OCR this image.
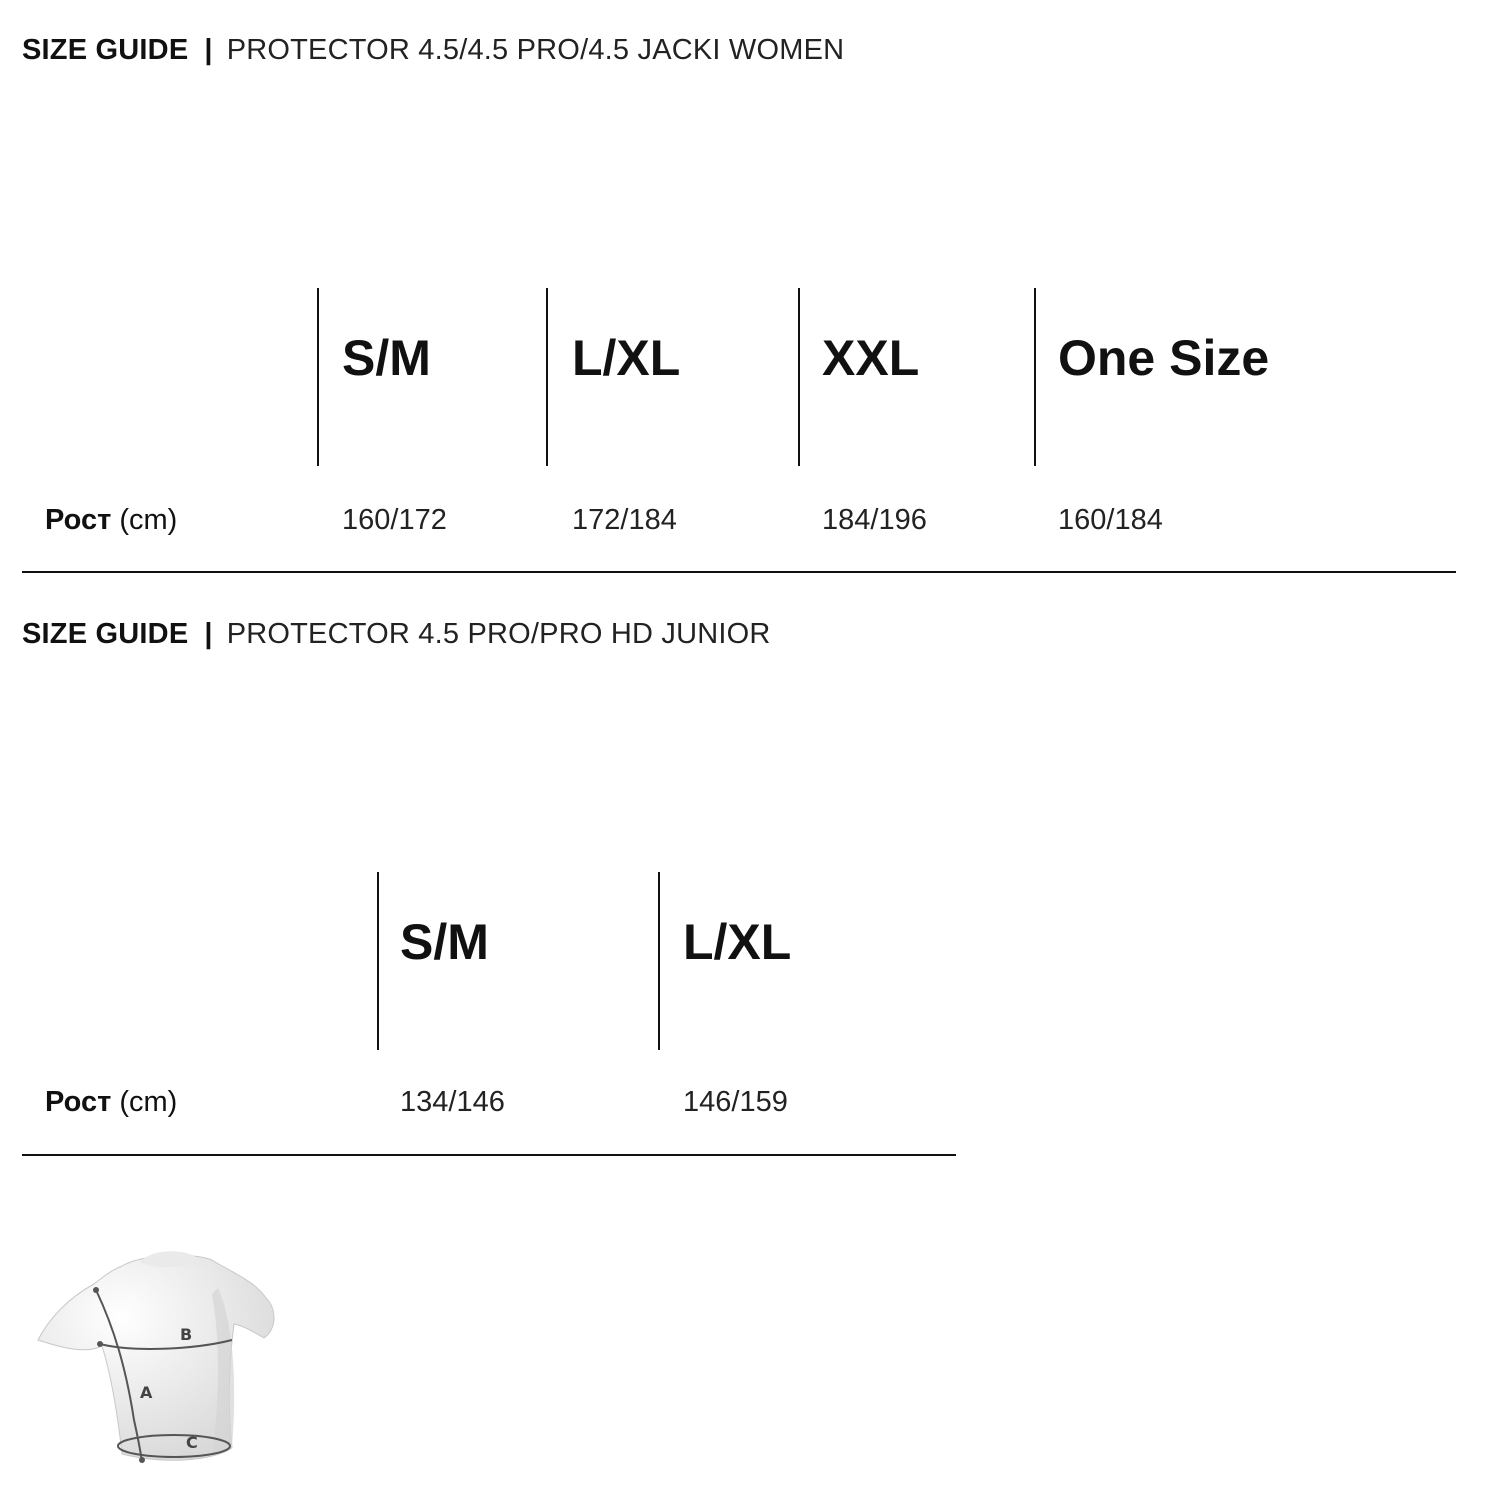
SIZE GUIDE | PROTECTOR 4.5/4.5 PRO/4.5 JACKI WOMEN
S/M	L/XL	XXL	One Size
Рост (cm)	160/172	172/184	184/196	160/184
SIZE GUIDE | PROTECTOR 4.5 PRO/PRO HD JUNIOR
S/M	L/XL
Рост (cm)	134/146	146/159
B
A
C
